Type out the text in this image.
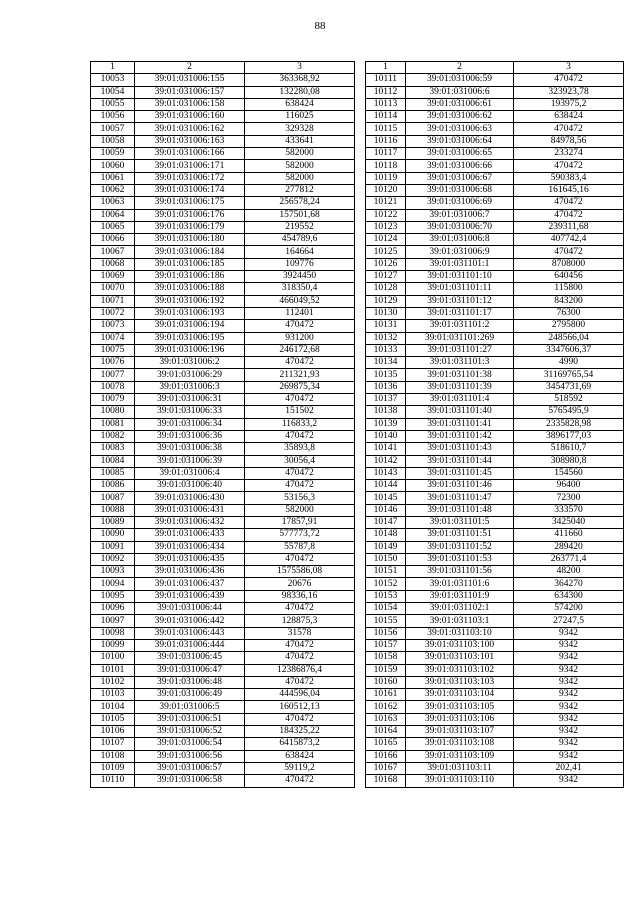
88
1	2	3
10053	39:01:031006:155	363368,92
10054	39:01:031006:157	132280,08
10055	39:01:031006:158	638424
10056	39:01:031006:160	116025
10057	39:01:031006:162	329328
10058	39:01:031006:163	433641
10059	39:01:031006:166	582000
10060	39:01:031006:171	582000
10061	39:01:031006:172	582000
10062	39:01:031006:174	277812
10063	39:01:031006:175	256578,24
10064	39:01:031006:176	157501,68
10065	39:01:031006:179	219552
10066	39:01:031006:180	454789,6
10067	39:01:031006:184	164664
10068	39:01:031006:185	109776
10069	39:01:031006:186	3924450
10070	39:01:031006:188	318350,4
10071	39:01:031006:192	466049,52
10072	39:01:031006:193	112401
10073	39:01:031006:194	470472
10074	39:01:031006:195	931200
10075	39:01:031006:196	246172,68
10076	39:01:031006:2	470472
10077	39:01:031006:29	211321,93
10078	39:01:031006:3	269875,34
10079	39:01:031006:31	470472
10080	39:01:031006:33	151502
10081	39:01:031006:34	116833,2
10082	39:01:031006:36	470472
10083	39:01:031006:38	35893,8
10084	39:01:031006:39	30056,4
10085	39:01:031006:4	470472
10086	39:01:031006:40	470472
10087	39:01:031006:430	53156,3
10088	39:01:031006:431	582000
10089	39:01:031006:432	17857,91
10090	39:01:031006:433	577773,72
10091	39:01:031006:434	55787,8
10092	39:01:031006:435	470472
10093	39:01:031006:436	1575586,08
10094	39:01:031006:437	20676
10095	39:01:031006:439	98336,16
10096	39:01:031006:44	470472
10097	39:01:031006:442	128875,3
10098	39:01:031006:443	31578
10099	39:01:031006:444	470472
10100	39:01:031006:45	470472
10101	39:01:031006:47	12386876,4
10102	39:01:031006:48	470472
10103	39:01:031006:49	444596,04
10104	39:01:031006:5	160512,13
10105	39:01:031006:51	470472
10106	39:01:031006:52	184325,22
10107	39:01:031006:54	6415873,2
10108	39:01:031006:56	638424
10109	39:01:031006:57	59119,2
10110	39:01:031006:58	470472
1	2	3
10111	39:01:031006:59	470472
10112	39:01:031006:6	323923,78
10113	39:01:031006:61	193975,2
10114	39:01:031006:62	638424
10115	39:01:031006:63	470472
10116	39:01:031006:64	84978,56
10117	39:01:031006:65	233274
10118	39:01:031006:66	470472
10119	39:01:031006:67	590383,4
10120	39:01:031006:68	161645,16
10121	39:01:031006:69	470472
10122	39:01:031006:7	470472
10123	39:01:031006:70	239311,68
10124	39:01:031006:8	407742,4
10125	39:01:031006:9	470472
10126	39:01:031101:1	8708000
10127	39:01:031101:10	640456
10128	39:01:031101:11	115800
10129	39:01:031101:12	843200
10130	39:01:031101:17	76300
10131	39:01:031101:2	2795800
10132	39:01:031101:269	248566,04
10133	39:01:031101:27	3347606,37
10134	39:01:031101:3	4990
10135	39:01:031101:38	31169765,54
10136	39:01:031101:39	3454731,69
10137	39:01:031101:4	518592
10138	39:01:031101:40	5765495,9
10139	39:01:031101:41	2335828,98
10140	39:01:031101:42	3896177,03
10141	39:01:031101:43	518610,7
10142	39:01:031101:44	308980,8
10143	39:01:031101:45	154560
10144	39:01:031101:46	96400
10145	39:01:031101:47	72300
10146	39:01:031101:48	333570
10147	39:01:031101:5	3425040
10148	39:01:031101:51	411660
10149	39:01:031101:52	289420
10150	39:01:031101:53	263771,4
10151	39:01:031101:56	48200
10152	39:01:031101:6	364270
10153	39:01:031101:9	634300
10154	39:01:031102:1	574200
10155	39:01:031103:1	27247,5
10156	39:01:031103:10	9342
10157	39:01:031103:100	9342
10158	39:01:031103:101	9342
10159	39:01:031103:102	9342
10160	39:01:031103:103	9342
10161	39:01:031103:104	9342
10162	39:01:031103:105	9342
10163	39:01:031103:106	9342
10164	39:01:031103:107	9342
10165	39:01:031103:108	9342
10166	39:01:031103:109	9342
10167	39:01:031103:11	202,41
10168	39:01:031103:110	9342
